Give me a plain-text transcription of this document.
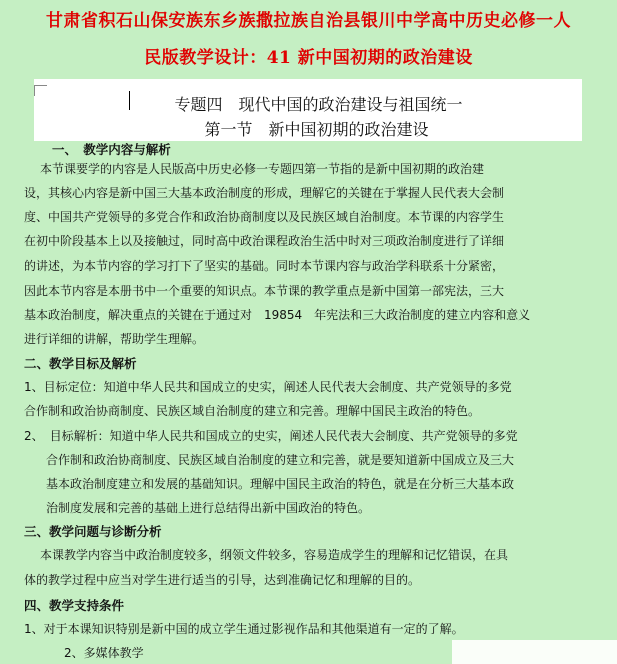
甘肃省积石山保安族东乡族撒拉族自治县银川中学高中历史必修一人
民版教学设计：41 新中国初期的政治建设
专题四　现代中国的政治建设与祖国统一
第一节　新中国初期的政治建设
一、　教学内容与解析
本节课要学的内容是人民版高中历史必修一专题四第一节指的是新中国初期的政治建
设，其核心内容是新中国三大基本政治制度的形成，理解它的关键在于掌握人民代表大会制
度、中国共产党领导的多党合作和政治协商制度以及民族区域自治制度。本节课的内容学生
在初中阶段基本上以及接触过，同时高中政治课程政治生活中时对三项政治制度进行了详细
的讲述，为本节内容的学习打下了坚实的基础。同时本节课内容与政治学科联系十分紧密，
因此本节内容是本册书中一个重要的知识点。本节课的教学重点是新中国第一部宪法，三大
基本政治制度，解决重点的关键在于通过对　19854　年宪法和三大政治制度的建立内容和意义
进行详细的讲解，帮助学生理解。
二、教学目标及解析
1、目标定位：知道中华人民共和国成立的史实，阐述人民代表大会制度、共产党领导的多党
合作制和政治协商制度、民族区域自治制度的建立和完善。理解中国民主政治的特色。
2、　目标解析：知道中华人民共和国成立的史实，阐述人民代表大会制度、共产党领导的多党
合作制和政治协商制度、民族区域自治制度的建立和完善，就是要知道新中国成立及三大
基本政治制度建立和发展的基础知识。理解中国民主政治的特色，就是在分析三大基本政
治制度发展和完善的基础上进行总结得出新中国政治的特色。
三、教学问题与诊断分析
本课教学内容当中政治制度较多，纲领文件较多，容易造成学生的理解和记忆错误，在具
体的教学过程中应当对学生进行适当的引导，达到准确记忆和理解的目的。
四、教学支持条件
1、对于本课知识特别是新中国的成立学生通过影视作品和其他渠道有一定的了解。
2、多媒体教学
